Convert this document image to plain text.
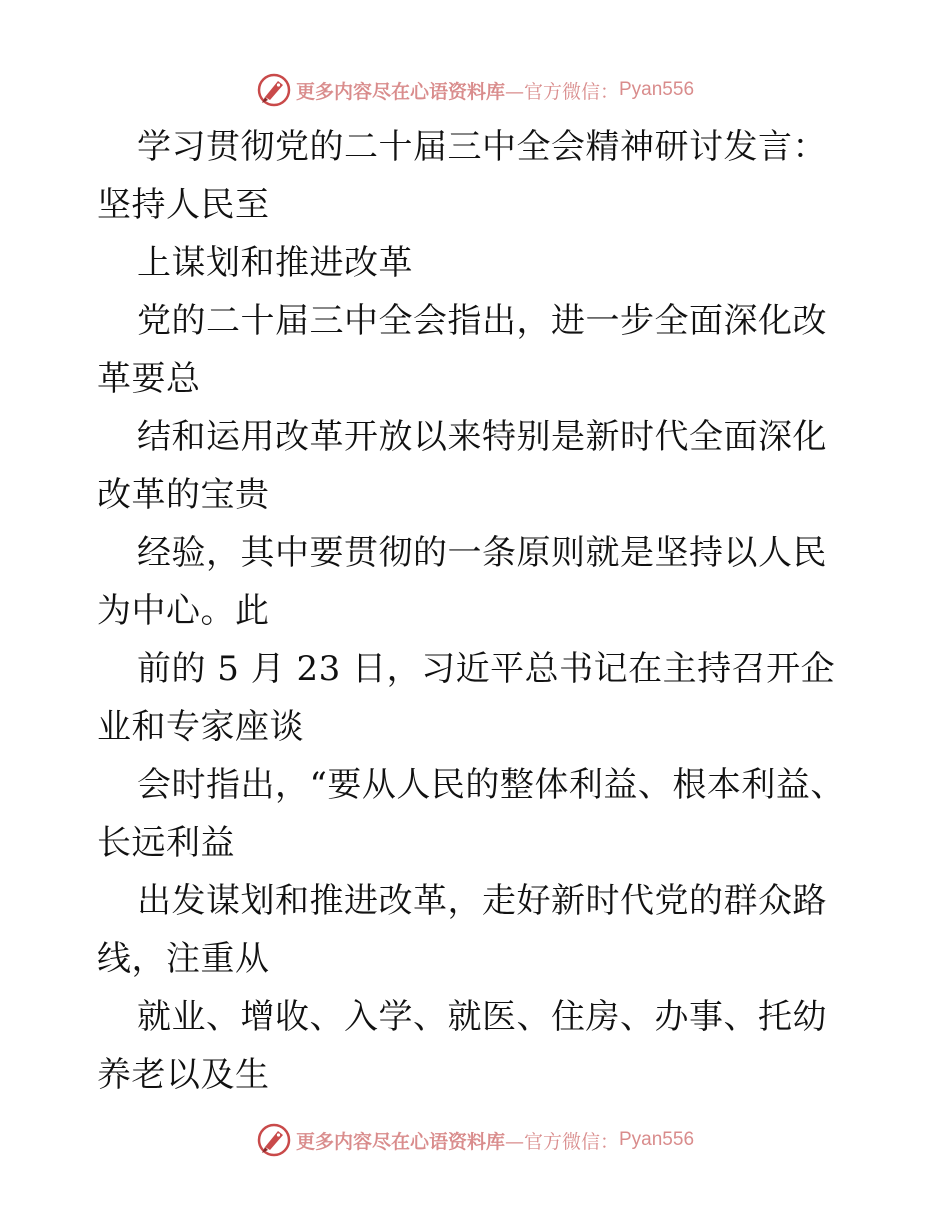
更多内容尽在心语资料库 —官方微信： Pyan556

学习贯彻党的二十届三中全会精神研讨发言：坚持人民至

上谋划和推进改革

党的二十届三中全会指出，进一步全面深化改革要总

结和运用改革开放以来特别是新时代全面深化改革的宝贵

经验，其中要贯彻的一条原则就是坚持以人民为中心。此

前的 5 月 23 日，习近平总书记在主持召开企业和专家座谈

会时指出，“要从人民的整体利益、根本利益、长远利益

出发谋划和推进改革，走好新时代党的群众路线，注重从

就业、增收、入学、就医、住房、办事、托幼养老以及生

更多内容尽在心语资料库 —官方微信： Pyan556
